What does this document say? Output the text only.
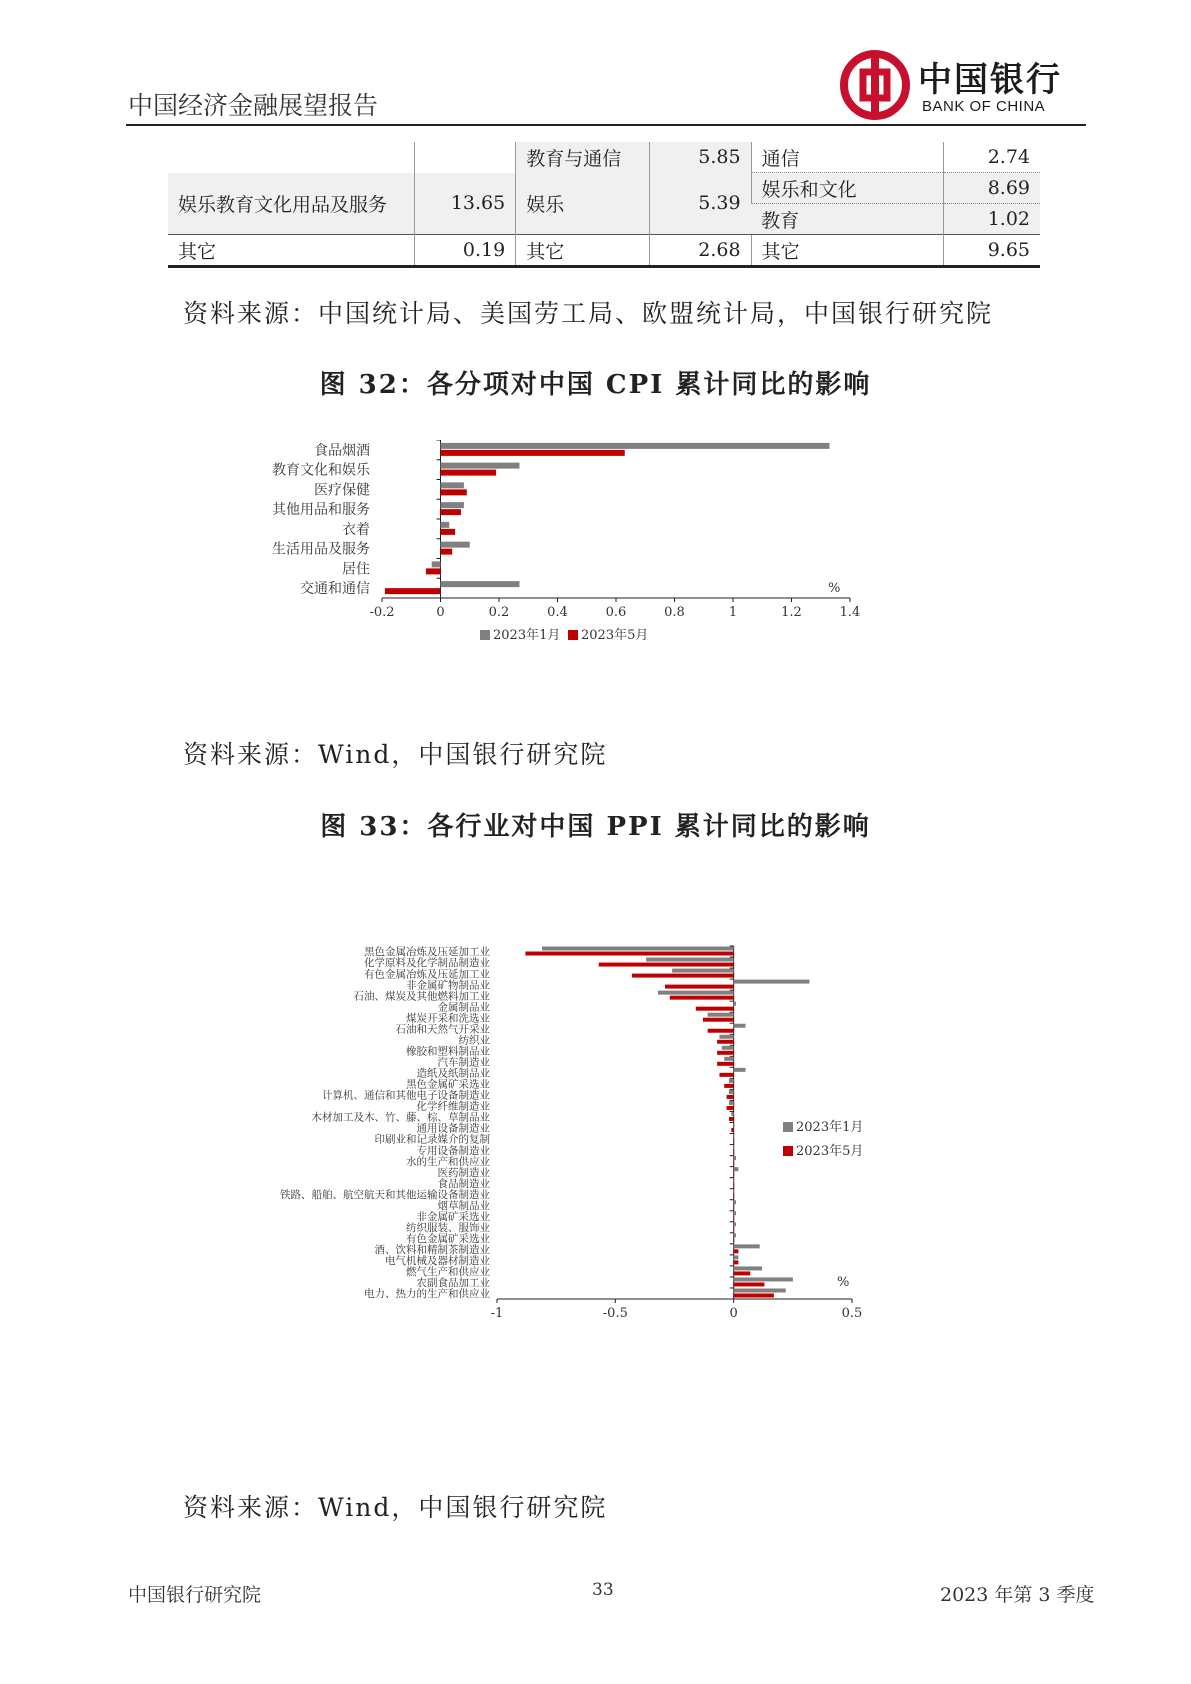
中国经济金融展望报告
中国银行
BANK OF CHINA
		教育与通信	5.85	通信	2.74
娱乐教育文化用品及服务	13.65	娱乐	5.39	娱乐和文化	8.69
				教育	1.02
其它	0.19	其它	2.68	其它	9.65
资料来源：中国统计局、美国劳工局、欧盟统计局，中国银行研究院
图 32：各分项对中国 CPI 累计同比的影响
-0.2	0	0.2	0.4	0.6	0.8	1	1.2	1.4
食品烟酒
教育文化和娱乐
医疗保健
其他用品和服务
衣着
生活用品及服务
居住
交通和通信	%
2023年1月 2023年5月
资料来源：Wind，中国银行研究院
图 33：各行业对中国 PPI 累计同比的影响
-1	-0.5	0	0.5
黑色金属冶炼及压延加工业
化学原料及化学制品制造业
有色金属冶炼及压延加工业
非金属矿物制品业
石油、煤炭及其他燃料加工业
金属制品业
煤炭开采和洗选业
石油和天然气开采业
纺织业
橡胶和塑料制品业
汽车制造业
造纸及纸制品业
黑色金属矿采选业
计算机、通信和其他电子设备制造业
化学纤维制造业
木材加工及木、竹、藤、棕、草制品业
通用设备制造业
印刷业和记录媒介的复制
专用设备制造业
水的生产和供应业
医药制造业
食品制造业
铁路、船舶、航空航天和其他运输设备制造业
烟草制品业
非金属矿采选业
纺织服装、服饰业
有色金属矿采选业
酒、饮料和精制茶制造业
电气机械及器材制造业
燃气生产和供应业
农副食品加工业
电力、热力的生产和供应业
%
2023年1月
2023年5月
资料来源：Wind，中国银行研究院
中国银行研究院	33	2023 年第 3 季度
